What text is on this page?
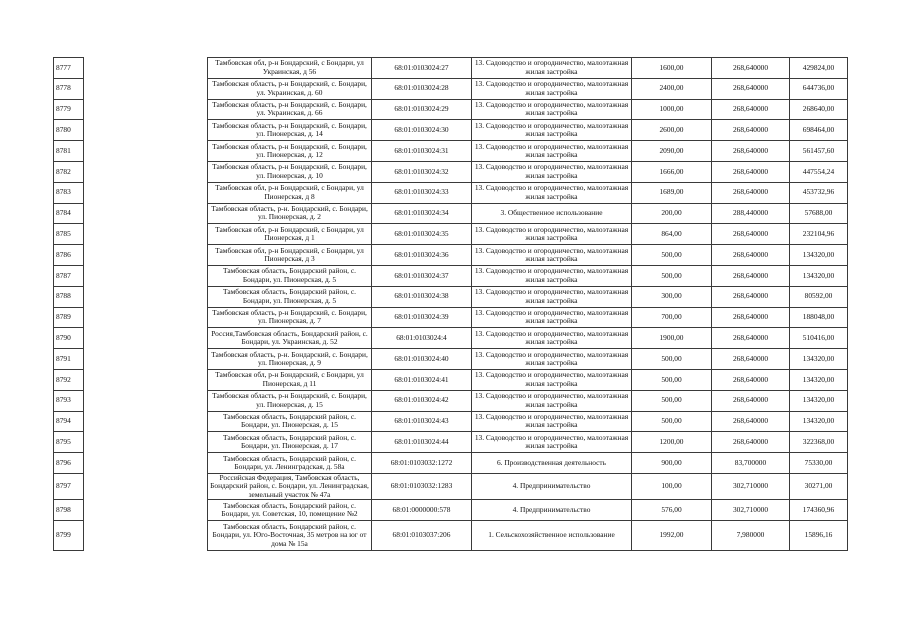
8777		Тамбовская обл, р-н Бондарский, с Бондари, ул Украинская, д 56	68:01:0103024:27	13. Садоводство и огородничество, малоэтажная жилая застройка	1600,00	268,640000	429824,00
8778		Тамбовская область, р-н Бондарский, с. Бондари, ул. Украинская, д. 60	68:01:0103024:28	13. Садоводство и огородничество, малоэтажная жилая застройка	2400,00	268,640000	644736,00
8779		Тамбовская область, р-н Бондарский, с. Бондари, ул. Украинская, д. 66	68:01:0103024:29	13. Садоводство и огородничество, малоэтажная жилая застройка	1000,00	268,640000	268640,00
8780		Тамбовская область, р-н Бондарский, с. Бондари, ул. Пионерская, д. 14	68:01:0103024:30	13. Садоводство и огородничество, малоэтажная жилая застройка	2600,00	268,640000	698464,00
8781		Тамбовская область, р-н Бондарский, с. Бондари, ул. Пионерская, д. 12	68:01:0103024:31	13. Садоводство и огородничество, малоэтажная жилая застройка	2090,00	268,640000	561457,60
8782		Тамбовская область, р-н Бондарский, с. Бондари, ул. Пионерская, д. 10	68:01:0103024:32	13. Садоводство и огородничество, малоэтажная жилая застройка	1666,00	268,640000	447554,24
8783		Тамбовская обл, р-н Бондарский, с Бондари, ул Пионерская, д 8	68:01:0103024:33	13. Садоводство и огородничество, малоэтажная жилая застройка	1689,00	268,640000	453732,96
8784		Тамбовская область, р-н. Бондарский, с. Бондари, ул. Пионерская, д. 2	68:01:0103024:34	3. Общественное использование	200,00	288,440000	57688,00
8785		Тамбовская обл, р-н Бондарский, с Бондари, ул Пионерская, д 1	68:01:0103024:35	13. Садоводство и огородничество, малоэтажная жилая застройка	864,00	268,640000	232104,96
8786		Тамбовская обл, р-н Бондарский, с Бондари, ул Пионерская, д 3	68:01:0103024:36	13. Садоводство и огородничество, малоэтажная жилая застройка	500,00	268,640000	134320,00
8787		Тамбовская область, Бондарский район, с. Бондари, ул. Пионерская, д. 5	68:01:0103024:37	13. Садоводство и огородничество, малоэтажная жилая застройка	500,00	268,640000	134320,00
8788		Тамбовская область, Бондарский район, с. Бондари, ул. Пионерская, д. 5	68:01:0103024:38	13. Садоводство и огородничество, малоэтажная жилая застройка	300,00	268,640000	80592,00
8789		Тамбовская область, р-н Бондарский, с. Бондари, ул. Пионерская, д. 7	68:01:0103024:39	13. Садоводство и огородничество, малоэтажная жилая застройка	700,00	268,640000	188048,00
8790		Россия,Тамбовская область, Бондарский район, с. Бондари, ул. Украинская, д. 52	68:01:0103024:4	13. Садоводство и огородничество, малоэтажная жилая застройка	1900,00	268,640000	510416,00
8791		Тамбовская область, р-н. Бондарский, с. Бондари, ул. Пионерская, д. 9	68:01:0103024:40	13. Садоводство и огородничество, малоэтажная жилая застройка	500,00	268,640000	134320,00
8792		Тамбовская обл, р-н Бондарский, с Бондари, ул Пионерская, д 11	68:01:0103024:41	13. Садоводство и огородничество, малоэтажная жилая застройка	500,00	268,640000	134320,00
8793		Тамбовская область, р-н Бондарский, с. Бондари, ул. Пионерская, д. 15	68:01:0103024:42	13. Садоводство и огородничество, малоэтажная жилая застройка	500,00	268,640000	134320,00
8794		Тамбовская область, Бондарский район, с. Бондари, ул. Пионерская, д. 15	68:01:0103024:43	13. Садоводство и огородничество, малоэтажная жилая застройка	500,00	268,640000	134320,00
8795		Тамбовская область, Бондарский район, с. Бондари, ул. Пионерская, д. 17	68:01:0103024:44	13. Садоводство и огородничество, малоэтажная жилая застройка	1200,00	268,640000	322368,00
8796		Тамбовская область, Бондарский район, с. Бондари, ул. Ленинградская, д. 58а	68:01:0103032:1272	6. Производственная деятельность	900,00	83,700000	75330,00
8797		Российская Федерация, Тамбовская область, Бондарский район, с. Бондари, ул. Ленинградская, земельный участок № 47а	68:01:0103032:1283	4. Предпринимательство	100,00	302,710000	30271,00
8798		Тамбовская область, Бондарский район, с. Бондари, ул. Советская, 10, помещение №2	68:01:0000000:578	4. Предпринимательство	576,00	302,710000	174360,96
8799		Тамбовская область, Бондарский район, с. Бондари, ул. Юго-Восточная, 35 метров на юг от дома № 15а	68:01:0103037:206	1. Сельскохозяйственное использование	1992,00	7,980000	15896,16
